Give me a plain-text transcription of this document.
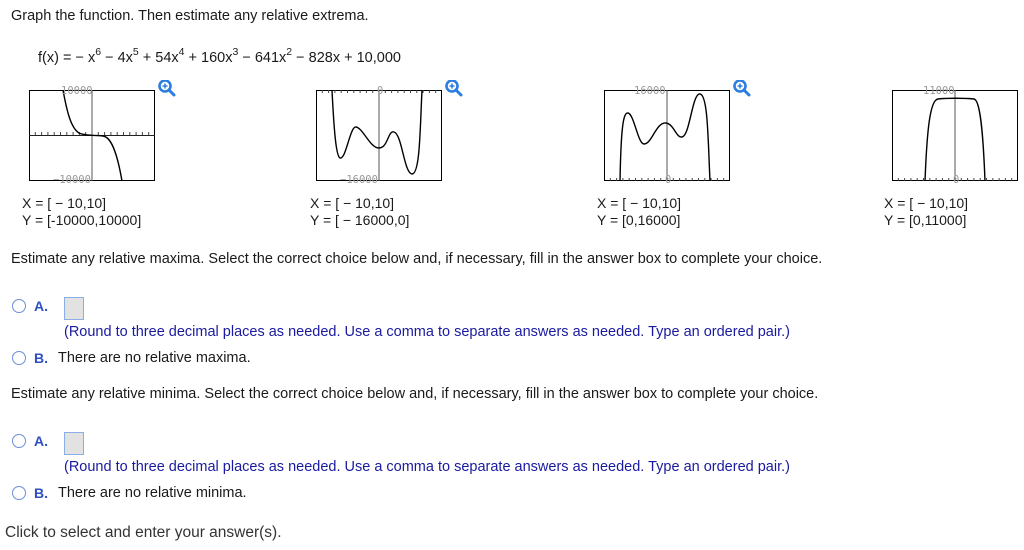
Graph the function. Then estimate any relative extrema.
f(x) = − $x^6 - 4x^5 + 54x^4 + 160x^3 - 641x^2 - 828x + 10,000$
10000
−10000
X = [ − 10,10]
Y = [-10000,10000]
0
−16000
X = [ − 10,10]
Y = [ − 16000,0]
16000
0
X = [ − 10,10]
Y = [0,16000]
11000
0
X = [ − 10,10]
Y = [0,11000]
Estimate any relative maxima. Select the correct choice below and, if necessary, fill in the answer box to complete your choice.
A.
(Round to three decimal places as needed. Use a comma to separate answers as needed. Type an ordered pair.)
B. There are no relative maxima.
Estimate any relative minima. Select the correct choice below and, if necessary, fill in the answer box to complete your choice.
A.
(Round to three decimal places as needed. Use a comma to separate answers as needed. Type an ordered pair.)
B. There are no relative minima.
Click to select and enter your answer(s).
